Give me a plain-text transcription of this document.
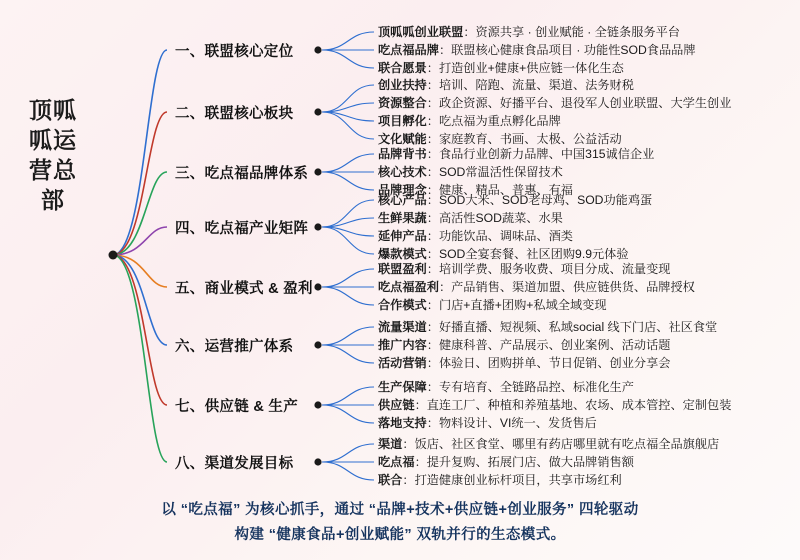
顶呱呱运营总部
一、联盟核心定位
二、联盟核心板块
三、吃点福品牌体系
四、吃点福产业矩阵
五、商业模式 & 盈利
六、运营推广体系
七、供应链 & 生产
八、渠道发展目标
顶呱呱创业联盟：资源共享 · 创业赋能 · 全链条服务平台
吃点福品牌：联盟核心健康食品项目 · 功能性SOD食品品牌
联合愿景：打造创业+健康+供应链一体化生态
创业扶持：培训、陪跑、流量、渠道、法务财税
资源整合：政企资源、好播平台、退役军人创业联盟、大学生创业
项目孵化：吃点福为重点孵化品牌
文化赋能：家庭教育、书画、太极、公益活动
品牌背书：食品行业创新力品牌、中国315诚信企业
核心技术：SOD常温活性保留技术
品牌理念：健康、精品、普惠、有福
核心产品：SOD大米、SOD老母鸡、SOD功能鸡蛋
生鲜果蔬：高活性SOD蔬菜、水果
延伸产品：功能饮品、调味品、酒类
爆款模式：SOD全宴套餐、社区团购9.9元体验
联盟盈利：培训学费、服务收费、项目分成、流量变现
吃点福盈利：产品销售、渠道加盟、供应链供货、品牌授权
合作模式：门店+直播+团购+私域全域变现
流量渠道：好播直播、短视频、私域social 线下门店、社区食堂
推广内容：健康科普、产品展示、创业案例、活动话题
活动营销：体验日、团购拼单、节日促销、创业分享会
生产保障：专有培育、全链路品控、标准化生产
供应链：直连工厂、种植和养殖基地、农场、成本管控、定制包装
落地支持：物料设计、VI统一、发货售后
渠道：饭店、社区食堂、哪里有药店哪里就有吃点福全品旗舰店
吃点福：提升复购、拓展门店、做大品牌销售额
联合：打造健康创业标杆项目，共享市场红利
以 “吃点福” 为核心抓手，通过 “品牌+技术+供应链+创业服务” 四轮驱动
构建 “健康食品+创业赋能” 双轨并行的生态模式。
